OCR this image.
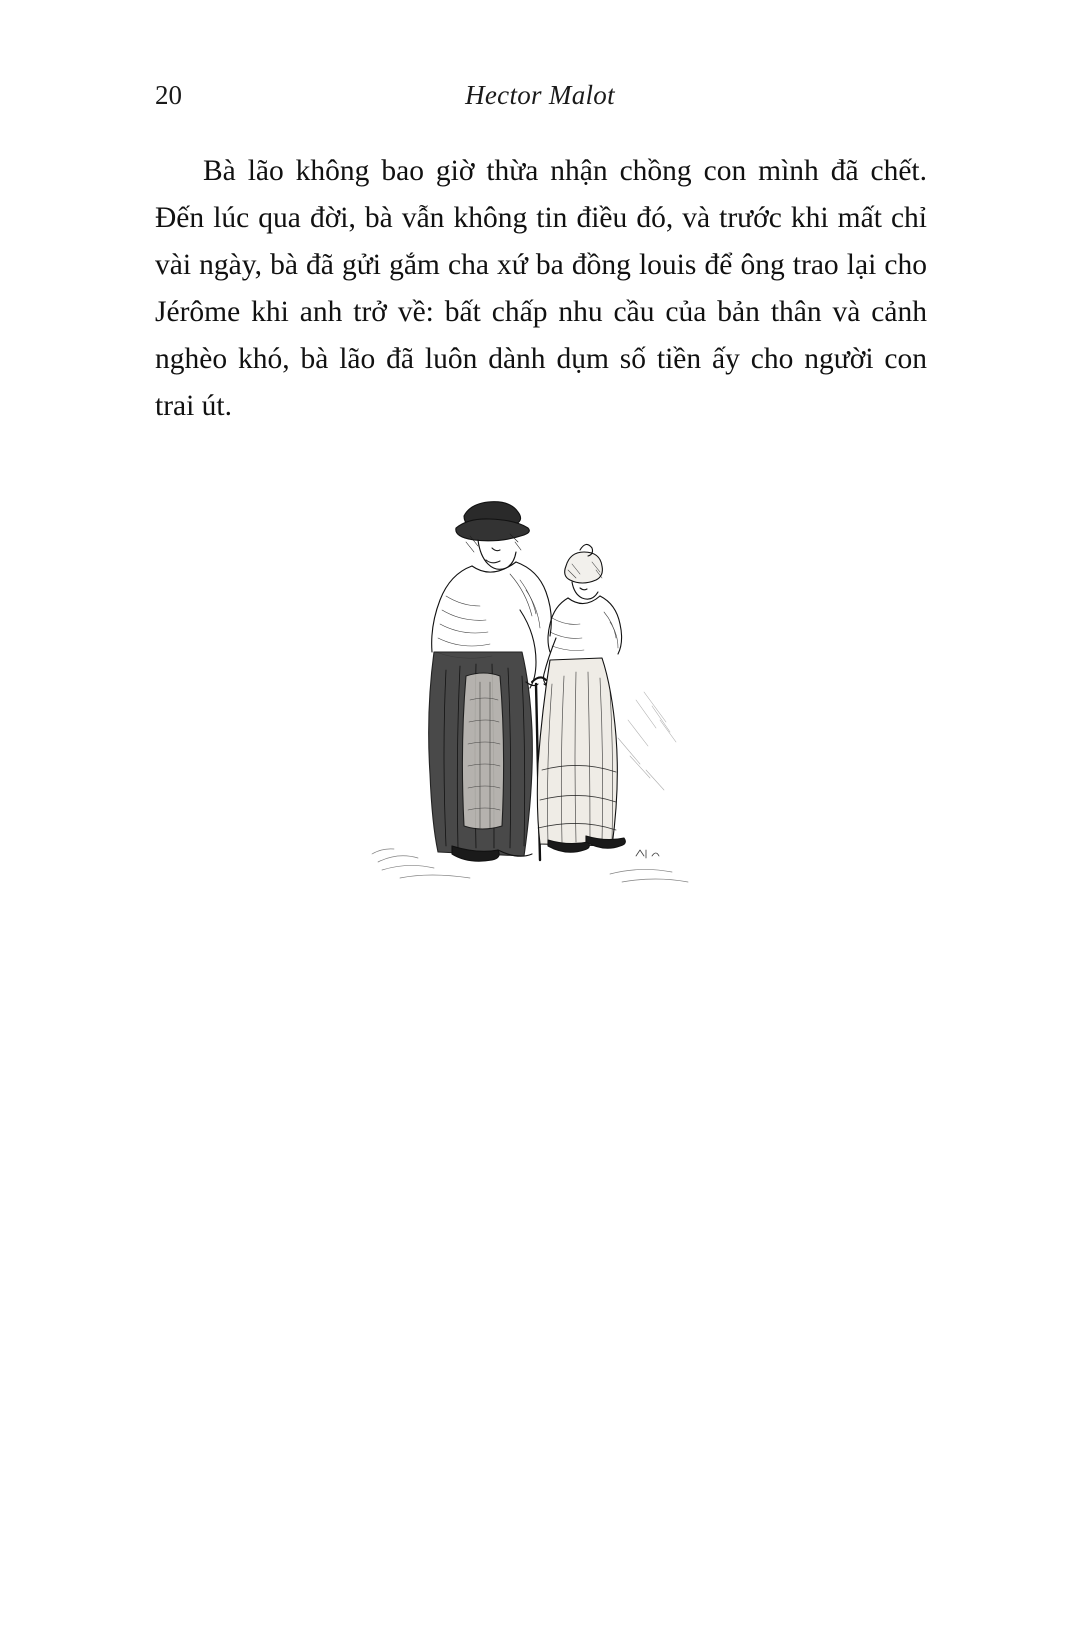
20	Hector Malot
Bà lão không bao giờ thừa nhận chồng con mình đã chết. Đến lúc qua đời, bà vẫn không tin điều đó, và trước khi mất chỉ vài ngày, bà đã gửi gắm cha xứ ba đồng louis để ông trao lại cho Jérôme khi anh trở về: bất chấp nhu cầu của bản thân và cảnh nghèo khó, bà lão đã luôn dành dụm số tiền ấy cho người con trai út.
